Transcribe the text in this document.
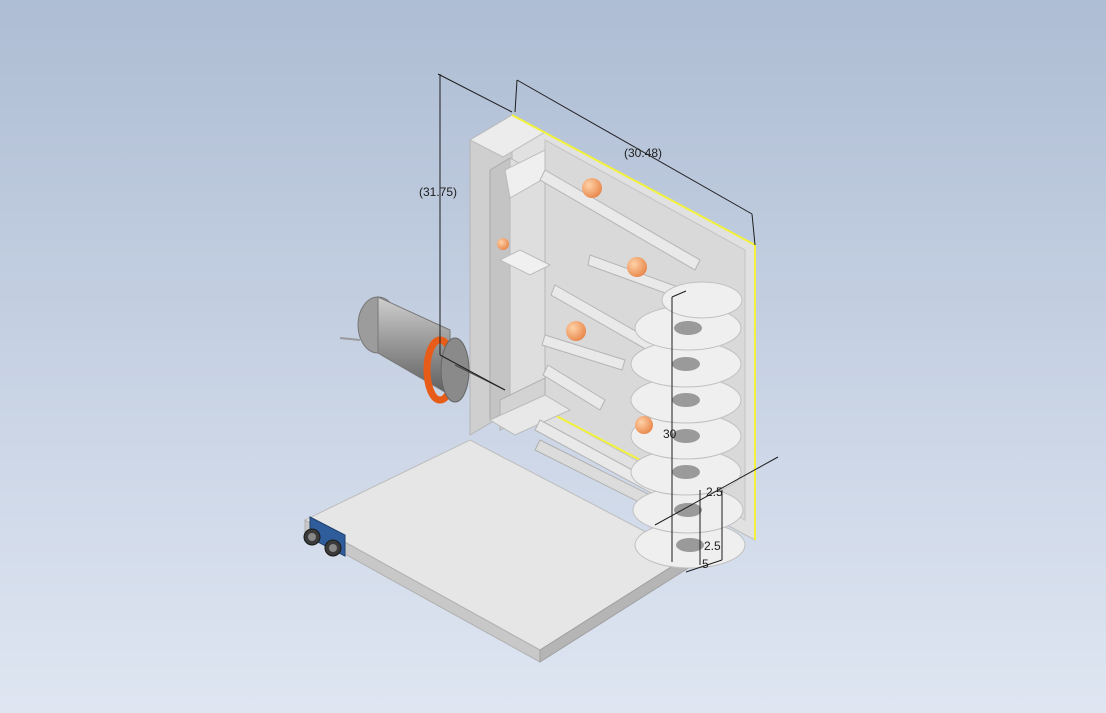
(30.48)
(31.75)
30
2.5
2.5
5
